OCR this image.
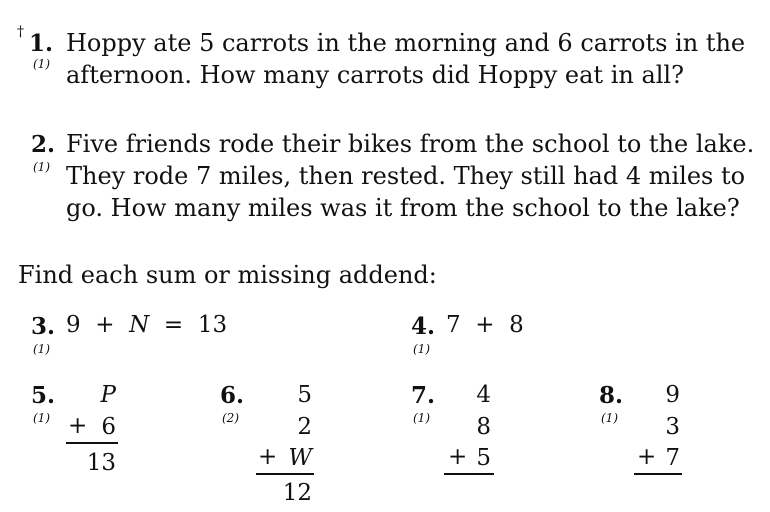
† 1.
(1)
Hoppy ate 5 carrots in the morning and 6 carrots in the
afternoon. How many carrots did Hoppy eat in all?
2.
(1)
Five friends rode their bikes from the school to the lake.
They rode 7 miles, then rested. They still had 4 miles to
go. How many miles was it from the school to the lake?
Find each sum or missing addend:
3.
(1)
9 + N = 13	4.
(1)
7 + 8
5.
(1)
P
+ 6
13
6.
(2)
5
2
+ W
12
7.
(1)
4
8
+ 5
8.
(1)
9
3
+ 7
